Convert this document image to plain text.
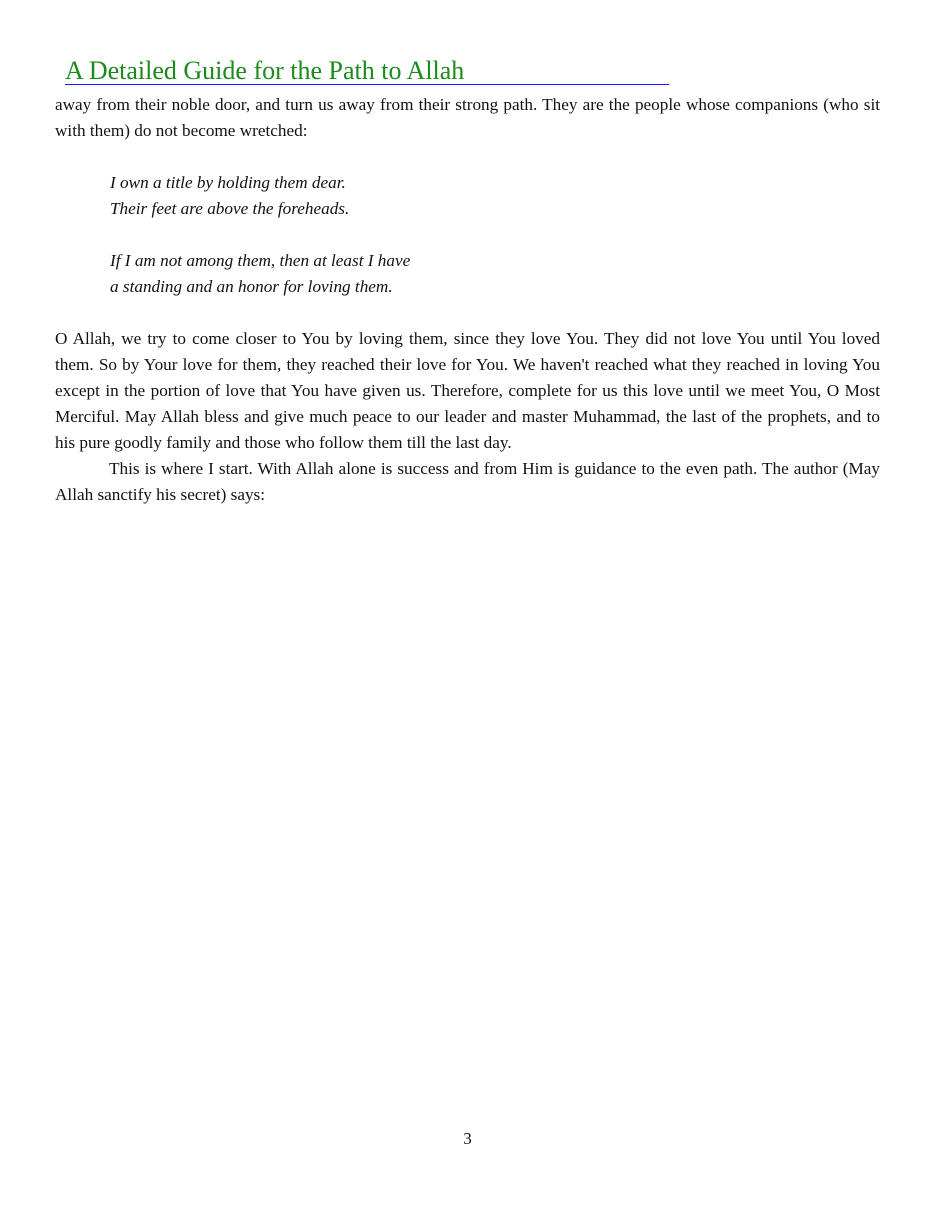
A Detailed Guide for the Path to Allah

away from their noble door, and turn us away from their strong path. They are the people whose companions (who sit with them) do not become wretched:

I own a title by holding them dear.
Their feet are above the foreheads.
If I am not among them, then at least I have
a standing and an honor for loving them.

O Allah, we try to come closer to You by loving them, since they love You. They did not love You until You loved them. So by Your love for them, they reached their love for You. We haven't reached what they reached in loving You except in the portion of love that You have given us. Therefore, complete for us this love until we meet You, O Most Merciful. May Allah bless and give much peace to our leader and master Muhammad, the last of the prophets, and to his pure goodly family and those who follow them till the last day.

This is where I start. With Allah alone is success and from Him is guidance to the even path. The author (May Allah sanctify his secret) says:

3
